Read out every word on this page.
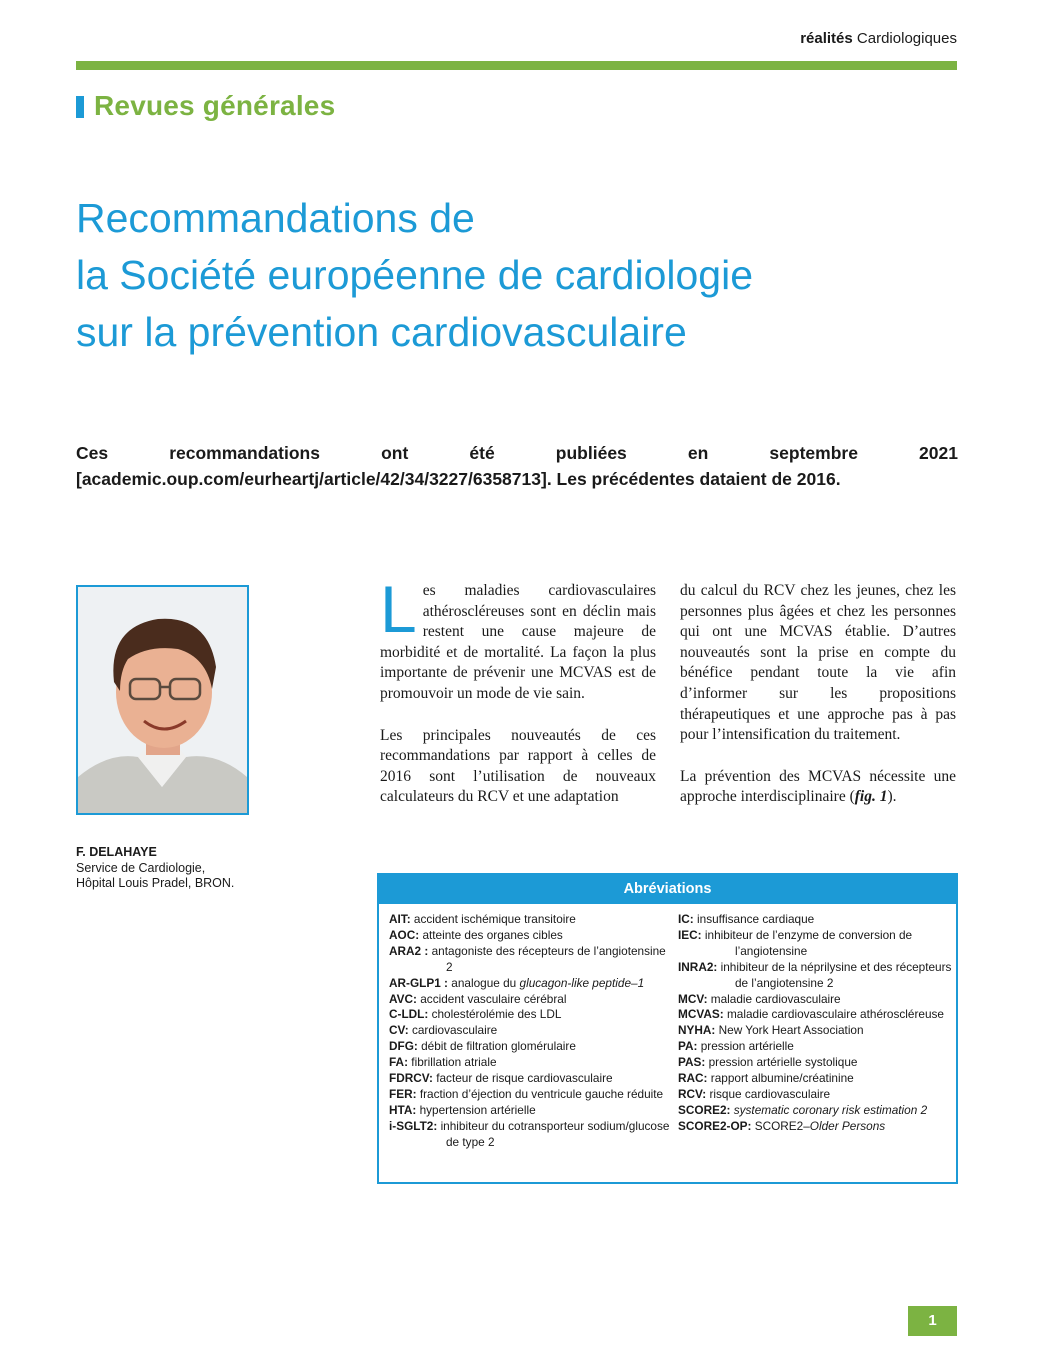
réalités Cardiologiques
Revues générales
Recommandations de
la Société européenne de cardiologie
sur la prévention cardiovasculaire
Ces recommandations ont été publiées en septembre 2021 [academic.oup.com/eurheartj/article/42/34/3227/6358713]. Les précédentes dataient de 2016.
F. DELAHAYE
Service de Cardiologie,
Hôpital Louis Pradel, BRON.

Les maladies cardiovasculaires athéroscléreuses sont en déclin mais restent une cause majeure de morbidité et de mortalité. La façon la plus importante de prévenir une MCVAS est de promouvoir un mode de vie sain.

Les principales nouveautés de ces recommandations par rapport à celles de 2016 sont l’utilisation de nouveaux calculateurs du RCV et une adaptation

du calcul du RCV chez les jeunes, chez les personnes plus âgées et chez les personnes qui ont une MCVAS établie. D’autres nouveautés sont la prise en compte du bénéfice pendant toute la vie afin d’informer sur les propositions thérapeutiques et une approche pas à pas pour l’intensification du traitement.

La prévention des MCVAS nécessite une approche interdisciplinaire (fig. 1).

Abréviations
AIT: accident ischémique transitoire
AOC: atteinte des organes cibles
ARA2 : antagoniste des récepteurs de l’angiotensine 2
AR-GLP1 : analogue du glucagon-like peptide–1
AVC: accident vasculaire cérébral
C-LDL: cholestérolémie des LDL
CV: cardiovasculaire
DFG: débit de filtration glomérulaire
FA: fibrillation atriale
FDRCV: facteur de risque cardiovasculaire
FER: fraction d’éjection du ventricule gauche réduite
HTA: hypertension artérielle
i-SGLT2: inhibiteur du cotransporteur sodium/glucose de type 2
IC: insuffisance cardiaque
IEC: inhibiteur de l’enzyme de conversion de l’angiotensine
INRA2: inhibiteur de la néprilysine et des récepteurs de l’angiotensine 2
MCV: maladie cardiovasculaire
MCVAS: maladie cardiovasculaire athéroscléreuse
NYHA: New York Heart Association
PA: pression artérielle
PAS: pression artérielle systolique
RAC: rapport albumine/créatinine
RCV: risque cardiovasculaire
SCORE2: systematic coronary risk estimation 2
SCORE2-OP: SCORE2–Older Persons
1
